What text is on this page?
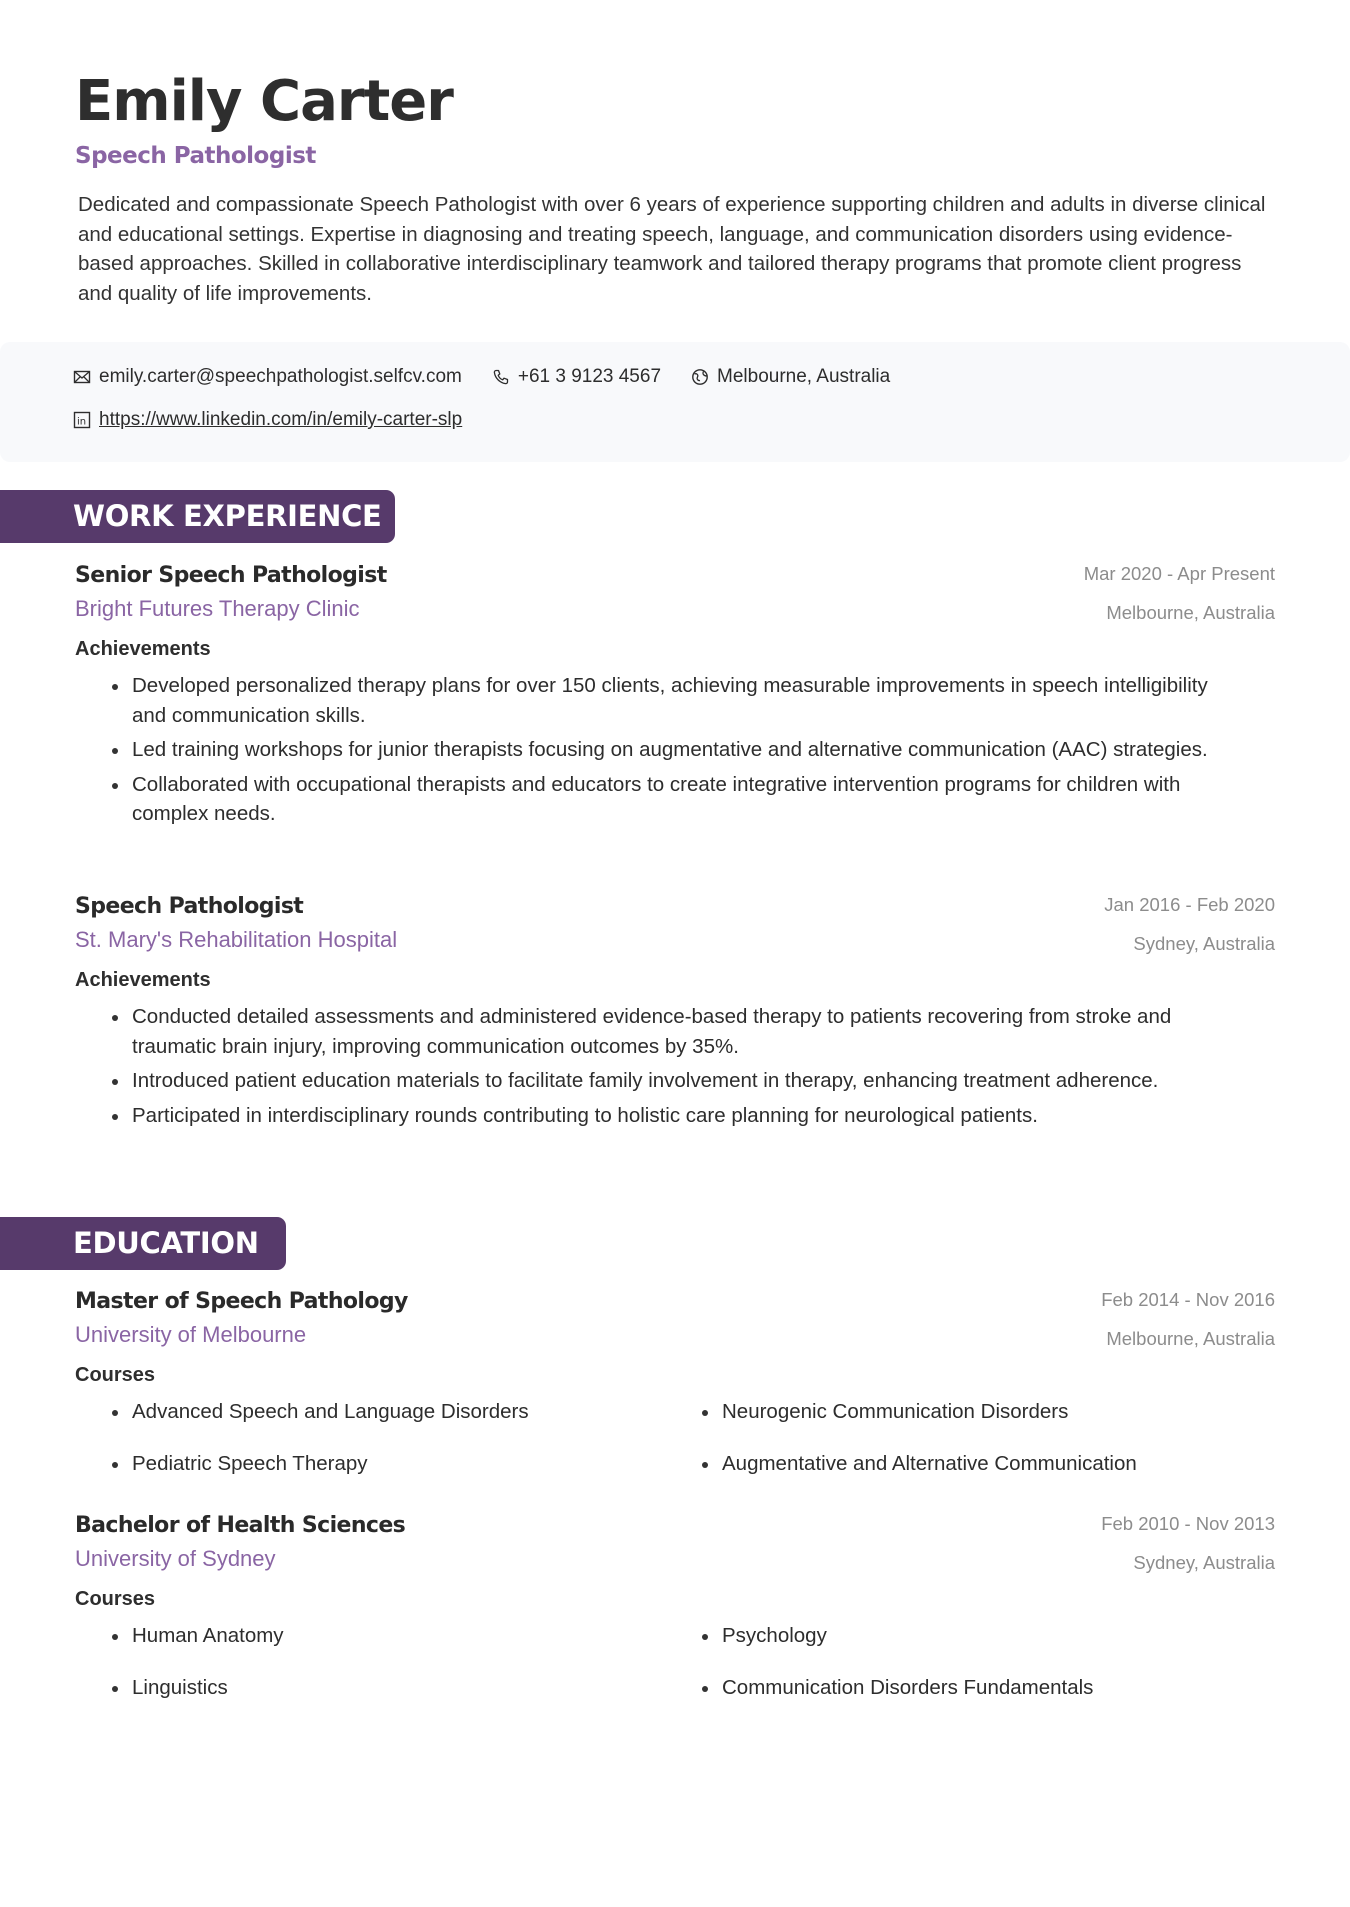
Emily Carter
Speech Pathologist

Dedicated and compassionate Speech Pathologist with over 6 years of experience supporting children and adults in diverse clinical and educational settings. Expertise in diagnosing and treating speech, language, and communication disorders using evidence-based approaches. Skilled in collaborative interdisciplinary teamwork and tailored therapy programs that promote client progress and quality of life improvements.

emily.carter@speechpathologist.selfcv.com	+61 3 9123 4567	Melbourne, Australia
in https://www.linkedin.com/in/emily-carter-slp
WORK EXPERIENCE
Senior Speech Pathologist
Bright Futures Therapy Clinic
Mar 2020 - Apr Present
Melbourne, Australia
Achievements
Developed personalized therapy plans for over 150 clients, achieving measurable improvements in speech intelligibility and communication skills.
Led training workshops for junior therapists focusing on augmentative and alternative communication (AAC) strategies.
Collaborated with occupational therapists and educators to create integrative intervention programs for children with complex needs.
Speech Pathologist
St. Mary's Rehabilitation Hospital
Jan 2016 - Feb 2020
Sydney, Australia
Achievements
Conducted detailed assessments and administered evidence-based therapy to patients recovering from stroke and traumatic brain injury, improving communication outcomes by 35%.
Introduced patient education materials to facilitate family involvement in therapy, enhancing treatment adherence.
Participated in interdisciplinary rounds contributing to holistic care planning for neurological patients.
EDUCATION
Master of Speech Pathology
University of Melbourne
Feb 2014 - Nov 2016
Melbourne, Australia
Courses
Advanced Speech and Language Disorders	Neurogenic Communication Disorders
Pediatric Speech Therapy	Augmentative and Alternative Communication
Bachelor of Health Sciences
University of Sydney
Feb 2010 - Nov 2013
Sydney, Australia
Courses
Human Anatomy	Psychology
Linguistics	Communication Disorders Fundamentals
